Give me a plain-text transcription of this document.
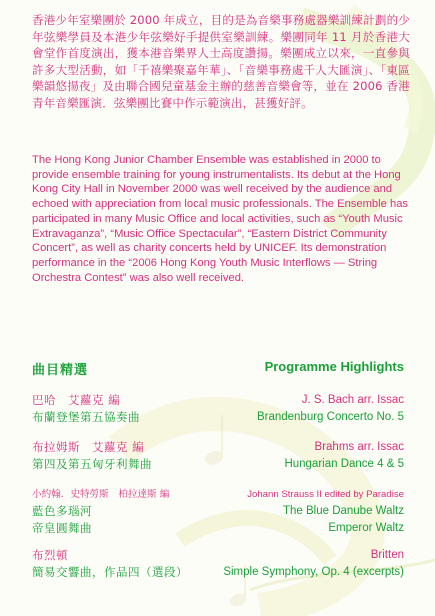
香港少年室樂團於 2000 年成立，目的是為音樂事務處器樂訓練計劃的少年弦樂學員及本港少年弦樂好手提供室樂訓練。樂團同年 11 月於香港大會堂作首度演出，獲本港音樂界人士高度讚揚。樂團成立以來，一直參與許多大型活動，如「千禧樂聚嘉年華」、「音樂事務處千人大匯演」、「東區樂韻悠揚夜」及由聯合國兒童基金主辦的慈善音樂會等，並在 2006 香港青年音樂匯演．弦樂團比賽中作示範演出，甚獲好評。

The Hong Kong Junior Chamber Ensemble was established in 2000 to provide ensemble training for young instrumentalists. Its debut at the Hong Kong City Hall in November 2000 was well received by the audience and echoed with appreciation from local music professionals. The Ensemble has participated in many Music Office and local activities, such as “Youth Music Extravaganza”, “Music Office Spectacular”, “Eastern District Community Concert”, as well as charity concerts held by UNICEF. Its demonstration performance in the “2006 Hong Kong Youth Music Interflows — String Orchestra Contest” was also well received.

曲目精選	Programme Highlights
巴哈　艾蘿克 編	J. S. Bach arr. Issac
布蘭登堡第五協奏曲	Brandenburg Concerto No. 5
布拉姆斯　艾蘿克 編	Brahms arr. Issac
第四及第五匈牙利舞曲	Hungarian Dance 4 & 5
小約翰．史特勞斯　柏拉達斯 編	Johann Strauss II edited by Paradise
藍色多瑙河	The Blue Danube Waltz
帝皇圓舞曲	Emperor Waltz
布烈頓	Britten
簡易交響曲，作品四（選段）	Simple Symphony, Op. 4 (excerpts)
